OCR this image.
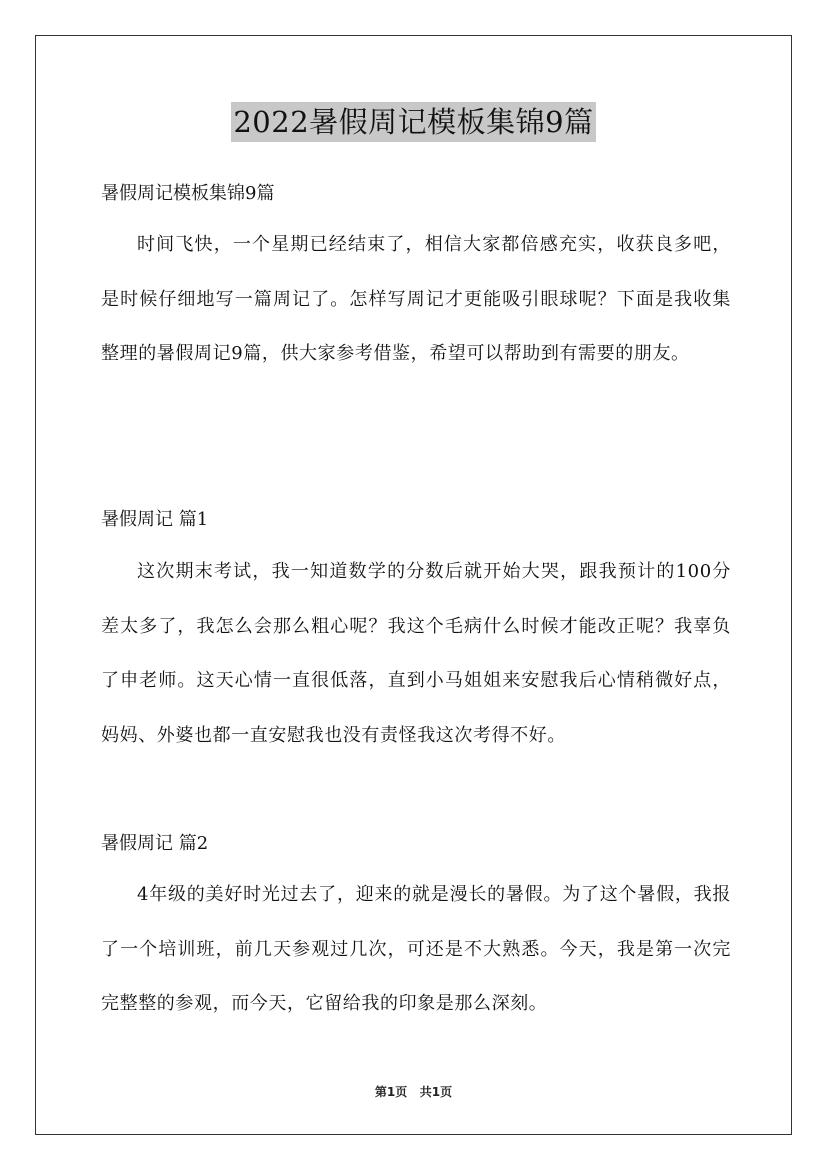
2022暑假周记模板集锦9篇
暑假周记模板集锦9篇

时间飞快，一个星期已经结束了，相信大家都倍感充实，收获良多吧，是时候仔细地写一篇周记了。怎样写周记才更能吸引眼球呢？下面是我收集整理的暑假周记9篇，供大家参考借鉴，希望可以帮助到有需要的朋友。

暑假周记 篇1

这次期末考试，我一知道数学的分数后就开始大哭，跟我预计的100分差太多了，我怎么会那么粗心呢？我这个毛病什么时候才能改正呢？我辜负了申老师。这天心情一直很低落，直到小马姐姐来安慰我后心情稍微好点，妈妈、外婆也都一直安慰我也没有责怪我这次考得不好。

暑假周记 篇2

4年级的美好时光过去了，迎来的就是漫长的暑假。为了这个暑假，我报了一个培训班，前几天参观过几次，可还是不大熟悉。今天，我是第一次完完整整的参观，而今天，它留给我的印象是那么深刻。

第1页   共1页
